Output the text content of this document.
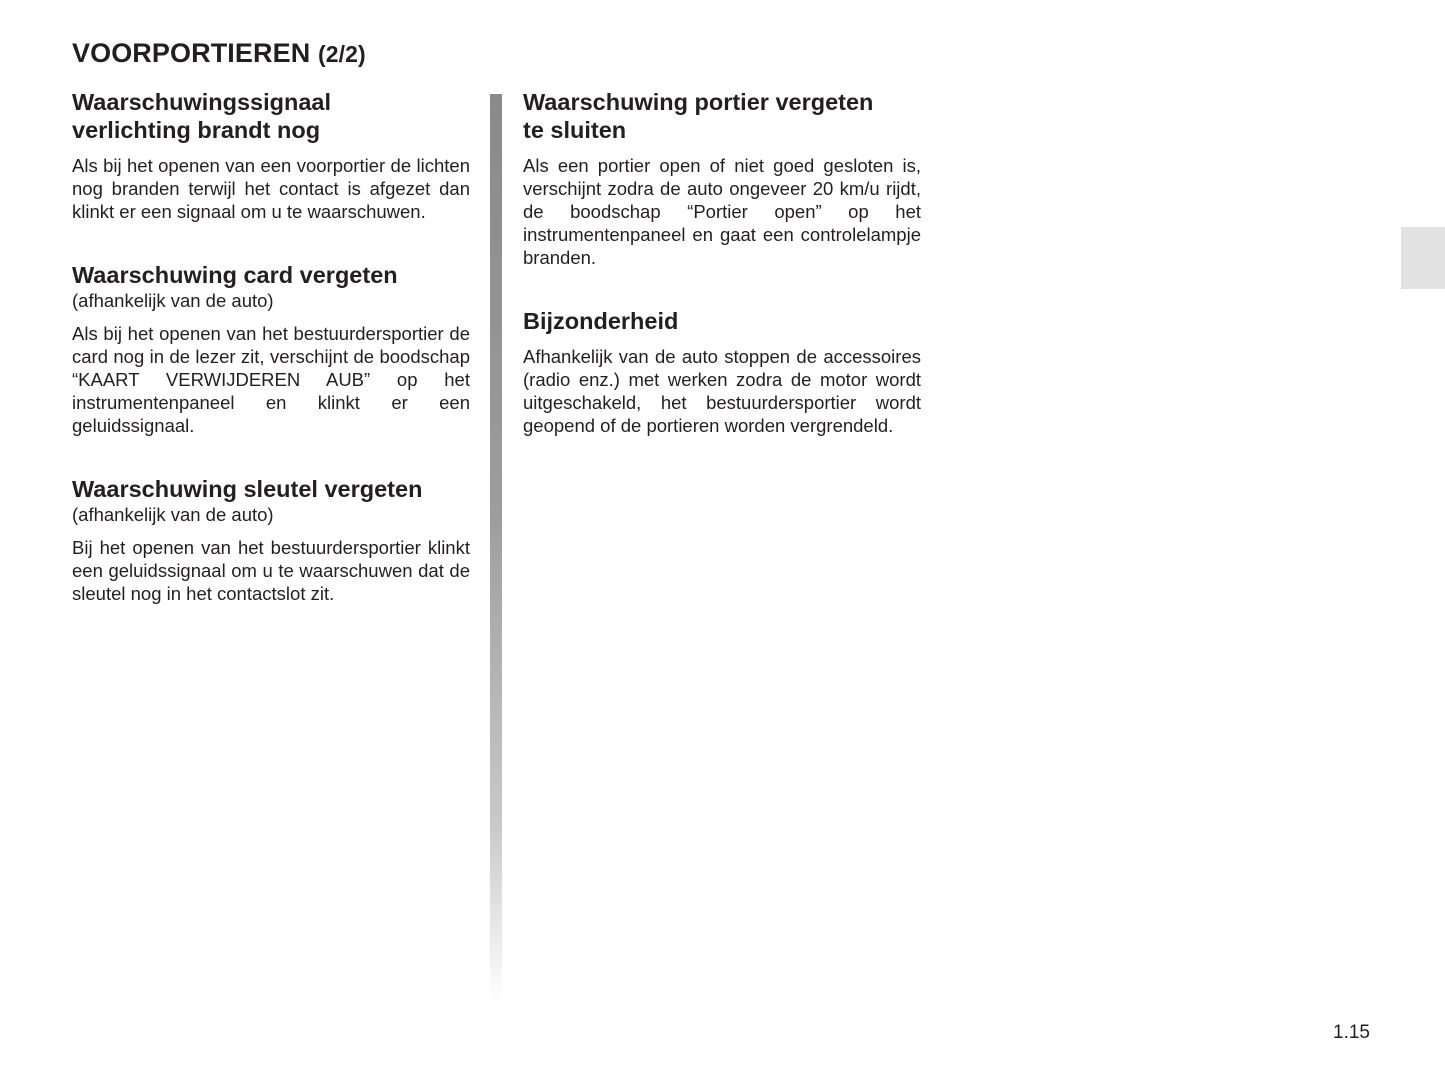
VOORPORTIEREN (2/2)
Waarschuwingssignaal
verlichting brandt nog

Als bij het openen van een voorportier de lichten nog branden terwijl het contact is afgezet dan klinkt er een signaal om u te waarschuwen.

Waarschuwing card vergeten

(afhankelijk van de auto)

Als bij het openen van het bestuurdersportier de card nog in de lezer zit, verschijnt de boodschap “KAART VERWIJDEREN AUB” op het instrumentenpaneel en klinkt er een geluidssignaal.

Waarschuwing sleutel vergeten

(afhankelijk van de auto)

Bij het openen van het bestuurdersportier klinkt een geluidssignaal om u te waarschuwen dat de sleutel nog in het contactslot zit.

Waarschuwing portier vergeten
te sluiten

Als een portier open of niet goed gesloten is, verschijnt zodra de auto ongeveer 20 km/u rijdt, de boodschap “Portier open” op het instrumentenpaneel en gaat een controlelampje branden.

Bijzonderheid

Afhankelijk van de auto stoppen de accessoires (radio enz.) met werken zodra de motor wordt uitgeschakeld, het bestuurdersportier wordt geopend of de portieren worden vergrendeld.

1.15
